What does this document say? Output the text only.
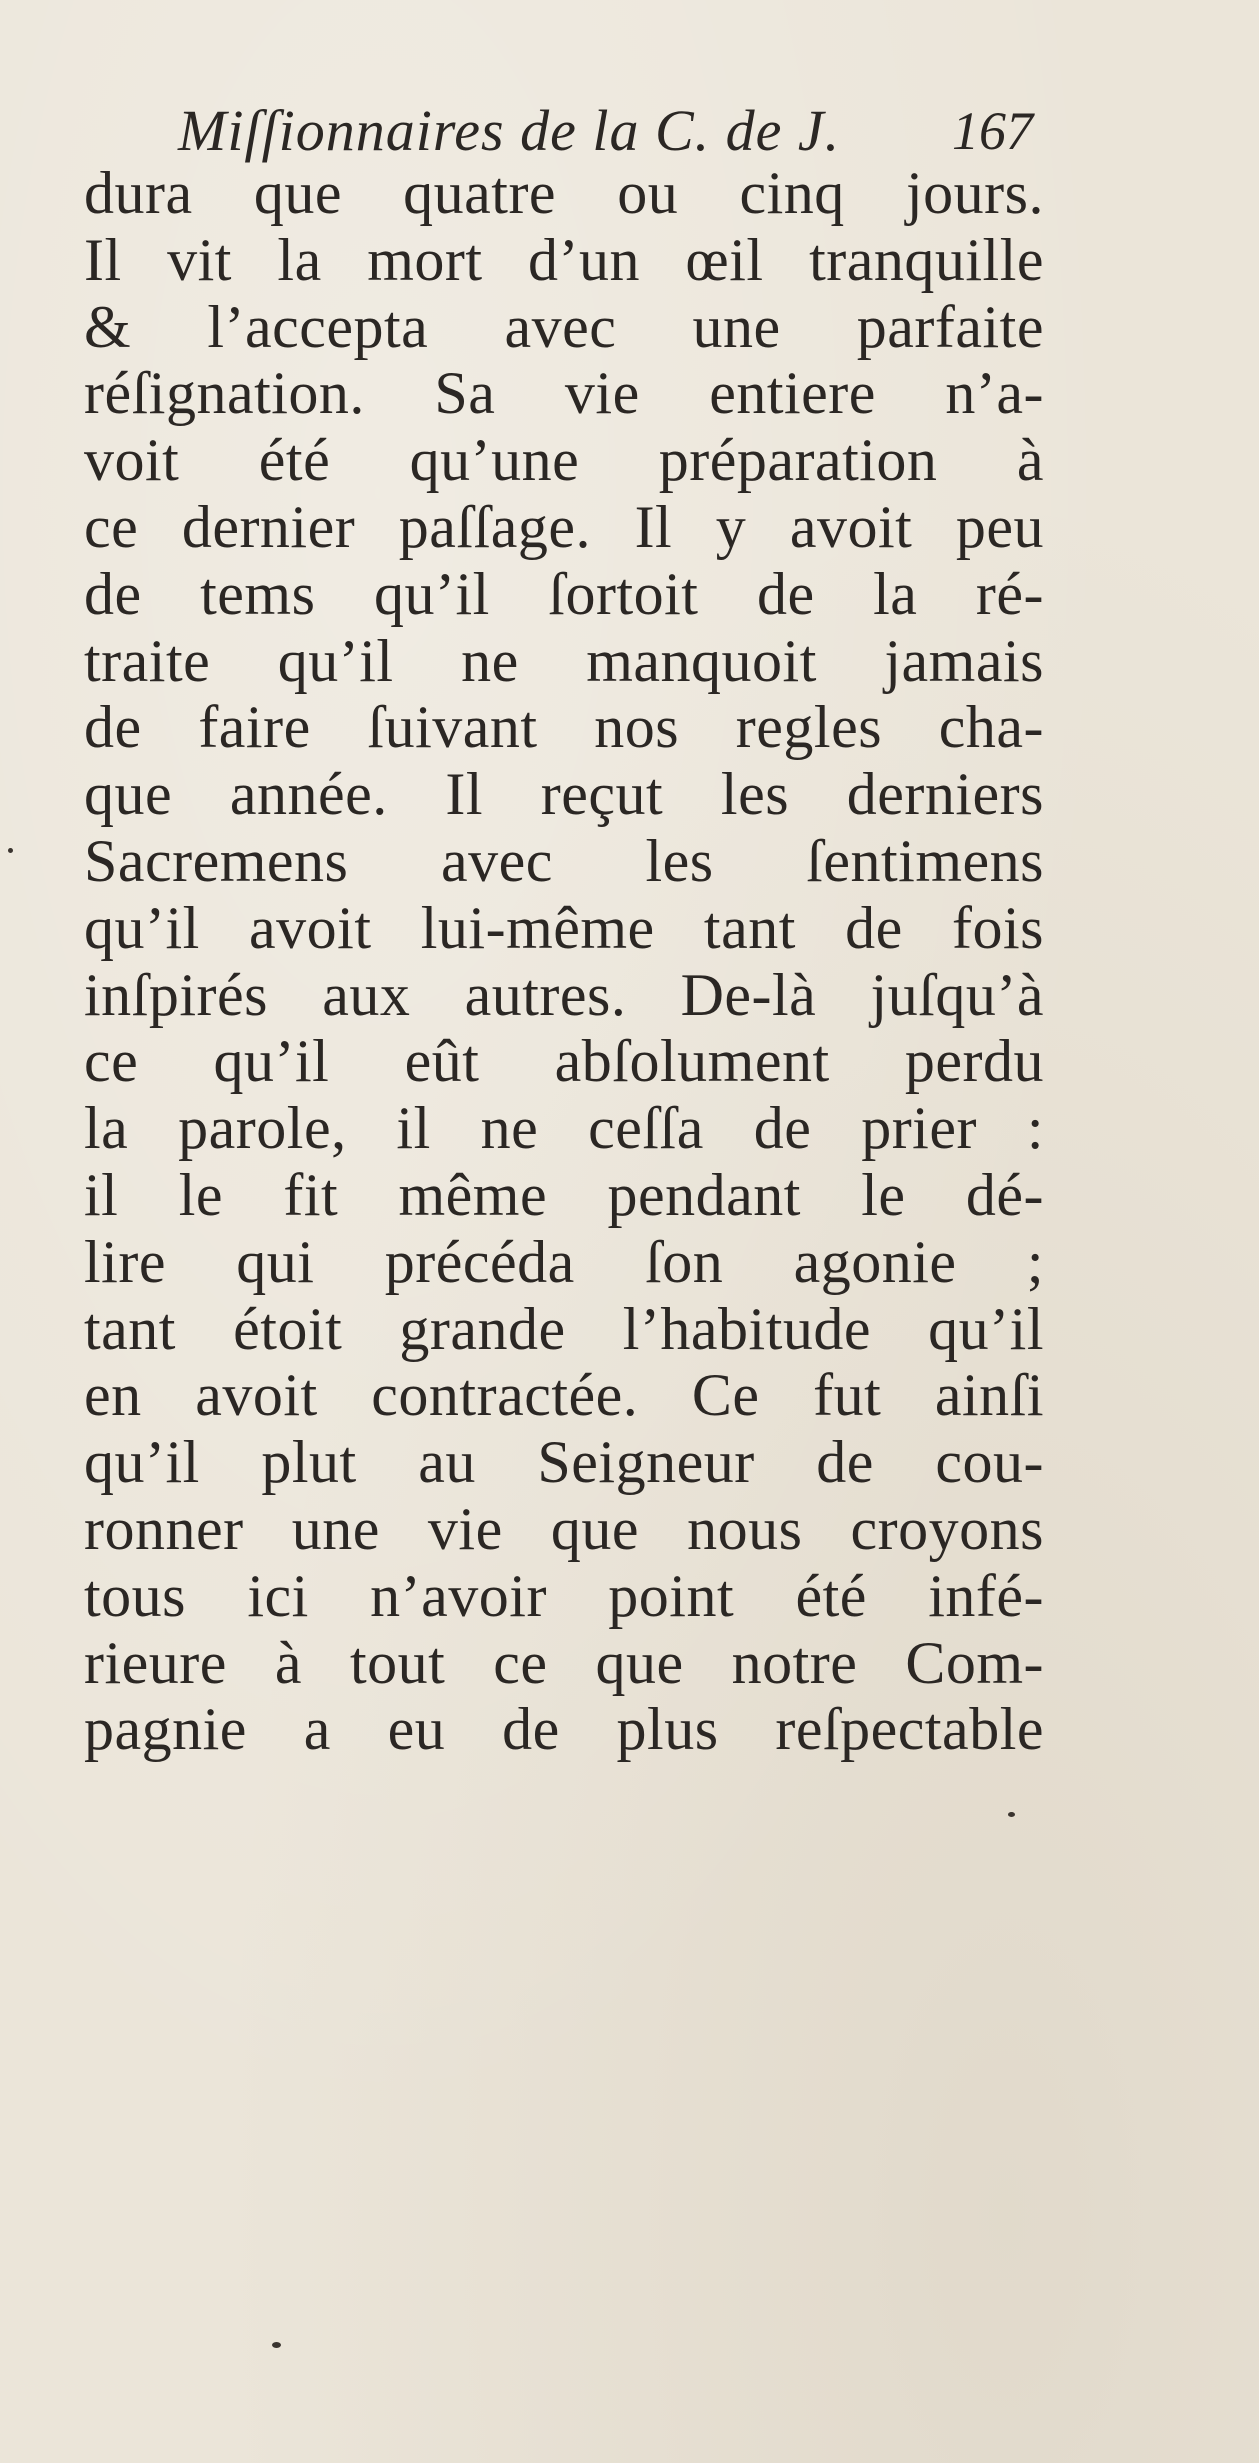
Miſſionnaires de la C. de J.	167
dura que quatre ou cinq jours.
Il vit la mort d’un œil tranquille
& l’accepta avec une parfaite
réſignation. Sa vie entiere n’a-
voit été qu’une préparation à
ce dernier paſſage. Il y avoit peu
de tems qu’il ſortoit de la ré-
traite qu’il ne manquoit jamais
de faire ſuivant nos regles cha-
que année. Il reçut les derniers
Sacremens avec les ſentimens
qu’il avoit lui-même tant de fois
inſpirés aux autres. De-là juſqu’à
ce qu’il eût abſolument perdu
la parole, il ne ceſſa de prier :
il le fit même pendant le dé-
lire qui précéda ſon agonie ;
tant étoit grande l’habitude qu’il
en avoit contractée. Ce fut ainſi
qu’il plut au Seigneur de cou-
ronner une vie que nous croyons
tous ici n’avoir point été infé-
rieure à tout ce que notre Com-
pagnie a eu de plus reſpectable
